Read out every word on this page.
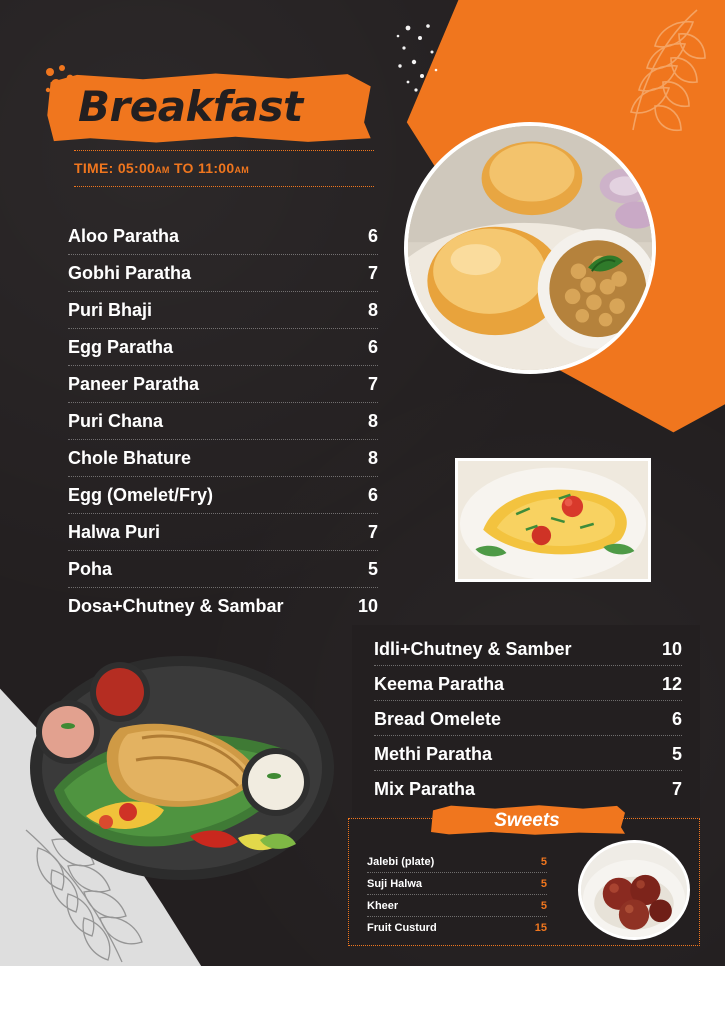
Breakfast
TIME: 05:00AM TO 11:00AM
Aloo Paratha	6
Gobhi Paratha	7
Puri Bhaji	8
Egg Paratha	6
Paneer Paratha	7
Puri Chana	8
Chole Bhature	8
Egg (Omelet/Fry)	6
Halwa Puri	7
Poha	5
Dosa+Chutney & Sambar	10
Idli+Chutney & Samber	10
Keema Paratha	12
Bread Omelete	6
Methi Paratha	5
Mix Paratha	7
Sweets
Jalebi (plate)	5
Suji Halwa	5
Kheer	5
Fruit Custurd	15
